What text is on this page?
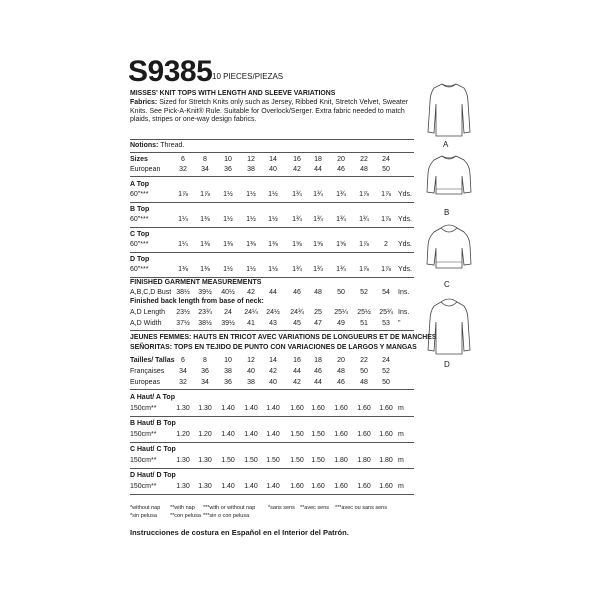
S9385 10 PIECES/PIEZAS
MISSES' KNIT TOPS WITH LENGTH AND SLEEVE VARIATIONS
Fabrics: Sized for Stretch Knits only such as Jersey, Ribbed Knit, Stretch Velvet, Sweater Knits. See Pick-A-Knit® Rule. Suitable for Overlock/Serger. Extra fabric needed to match plaids, stripes or one-way design fabrics.
Notions: Thread.
Sizes	6	8	10	12	14	16	18	20	22	24
European	32	34	36	38	40	42	44	46	48	50
A Top
60"***	1⅞	1⅞	1½	1½	1½	1¾	1¾	1¾	1⅞	1⅞	Yds.
B Top
60"***	1¼	1⅜	1½	1½	1½	1¾	1¾	1¾	1¾	1⅞	Yds.
C Top
60"***	1¼	1⅜	1⅜	1⅜	1⅜	1⅝	1⅝	1⅝	1⅞	2	Yds.
D Top
60"***	1⅜	1⅜	1½	1½	1½	1¾	1¾	1¾	1⅞	1⅞	Yds.
FINISHED GARMENT MEASUREMENTS
A,B,C,D Bust 38½	39½	40½	42	44	46	48	50	52	54	Ins.
Finished back length from base of neck:
A,D Length	23½	23¾	24	24¼	24½	24¾	25	25¼	25½	25¾ Ins.
A,D Width	37½	38½	39½	41	43	45	47	49	51	53	"
JEUNES FEMMES: HAUTS EN TRICOT AVEC VARIATIONS DE LONGUEURS ET DE MANCHES
SEÑORITAS: TOPS EN TEJIDO DE PUNTO CON VARIACIONES DE LARGOS Y MANGAS
Tailles/ Tallas 6	8	10	12	14	16	18	20	22	24
Françaises	34	36	38	40	42	44	46	48	50	52
Europeas	32	34	36	38	40	42	44	46	48	50
A Haut/ A Top
150cm**	1.30	1.30	1.40	1.40	1.40	1.60	1.60	1.60	1.60	1.60 m
B Haut/ B Top
150cm**	1.20	1.20	1.40	1.40	1.40	1.50	1.50	1.60	1.60	1.60 m
C Haut/ C Top
150cm**	1.30	1.30	1.50	1.50	1.50	1.50	1.50	1.80	1.80	1.80 m
D Haut/ D Top
150cm**	1.30	1.30	1.40	1.40	1.40	1.60	1.60	1.60	1.60	1.60 m
A
B
C
D
*without nap **with nap ***with or without nap *sans sens **avec sens ***avec ou sans sens
*sin pelusa **con pelusa ***sin o con pelusa
Instrucciones de costura en Español en el Interior del Patrón.
